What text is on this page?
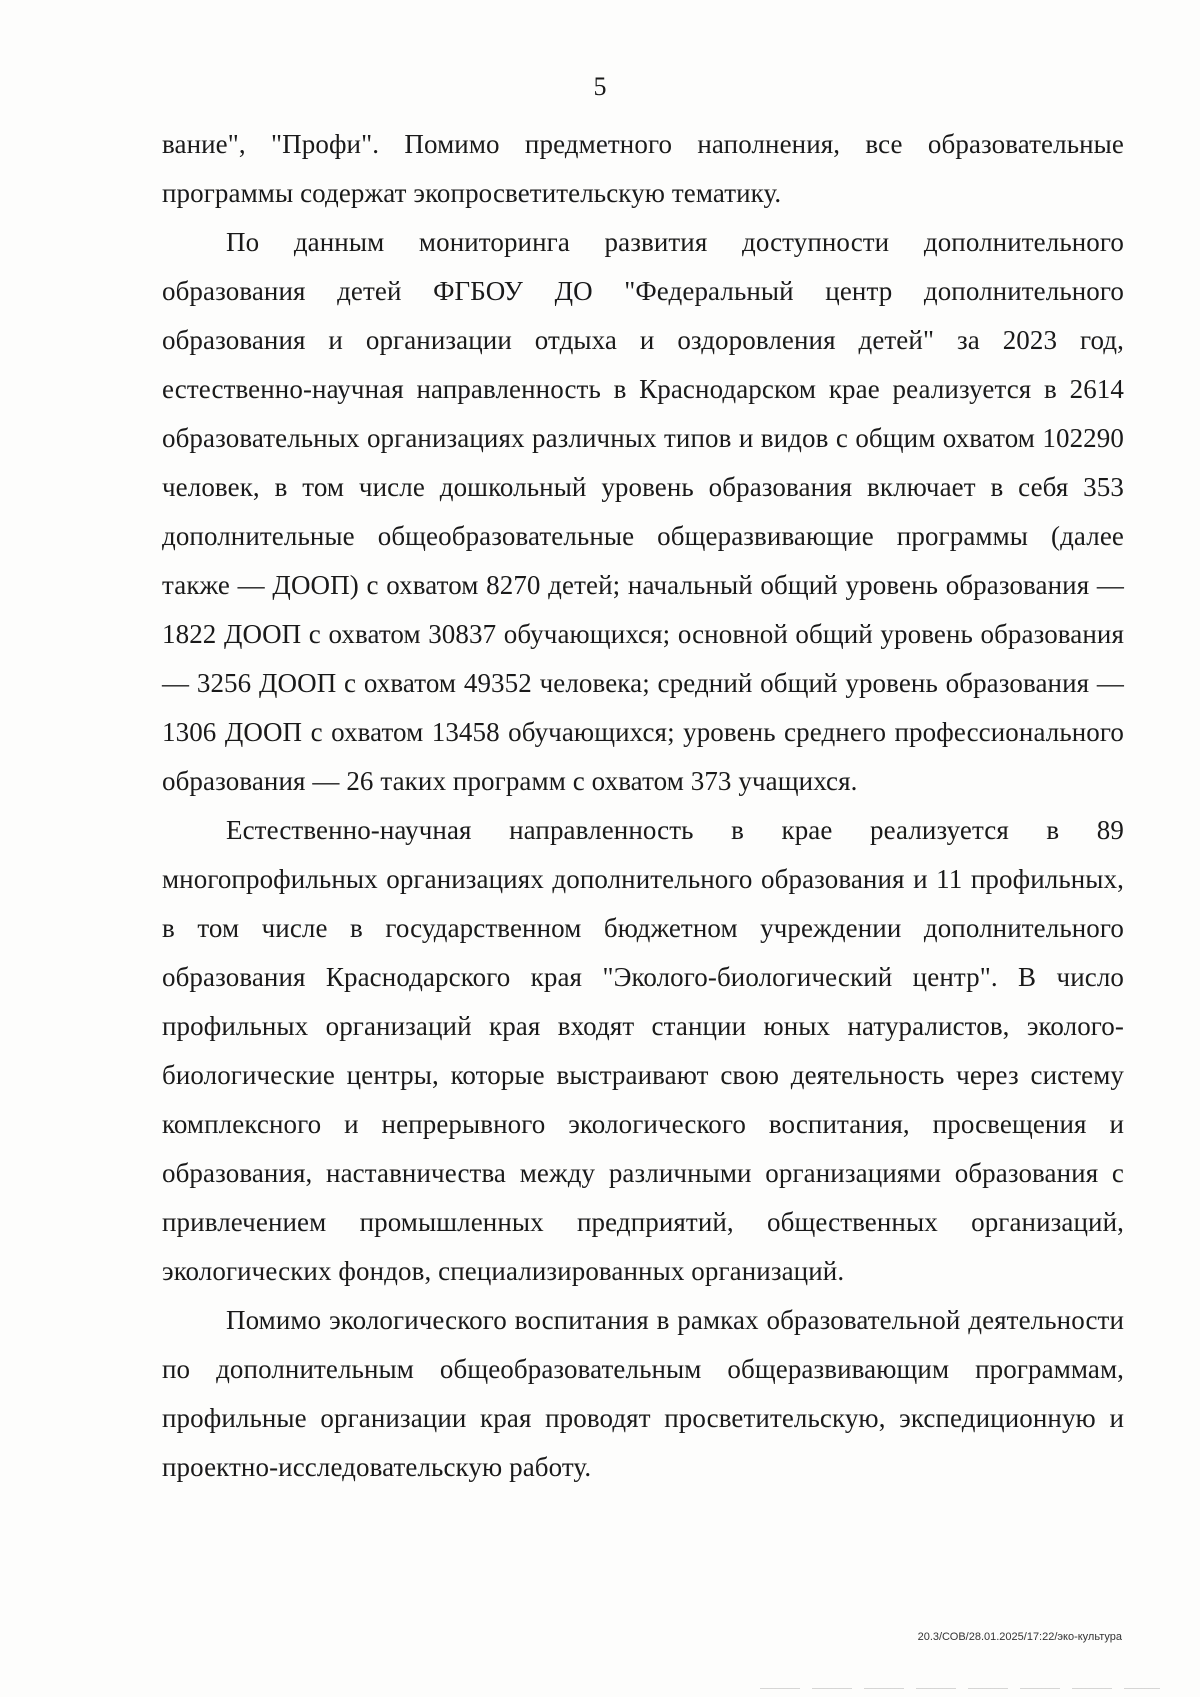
5

вание", "Профи". Помимо предметного наполнения, все образовательные программы содержат экопросветительскую тематику.

По данным мониторинга развития доступности дополнительного образования детей ФГБОУ ДО "Федеральный центр дополнительного образования и организации отдыха и оздоровления детей" за 2023 год, естественно-научная направленность в Краснодарском крае реализуется в 2614 образовательных организациях различных типов и видов с общим охватом 102290 человек, в том числе дошкольный уровень образования включает в себя 353 дополнительные общеобразовательные общеразвивающие программы (далее также — ДООП) с охватом 8270 детей; начальный общий уровень образования — 1822 ДООП с охватом 30837 обучающихся; основной общий уровень образования — 3256 ДООП с охватом 49352 человека; средний общий уровень образования — 1306 ДООП с охватом 13458 обучающихся; уровень среднего профессионального образования — 26 таких программ с охватом 373 учащихся.

Естественно-научная направленность в крае реализуется в 89 многопрофильных организациях дополнительного образования и 11 профильных, в том числе в государственном бюджетном учреждении дополнительного образования Краснодарского края "Эколого-биологический центр". В число профильных организаций края входят станции юных натуралистов, эколого-биологические центры, которые выстраивают свою деятельность через систему комплексного и непрерывного экологического воспитания, просвещения и образования, наставничества между различными организациями образования с привлечением промышленных предприятий, общественных организаций, экологических фондов, специализированных организаций.

Помимо экологического воспитания в рамках образовательной деятельности по дополнительным общеобразовательным общеразвивающим программам, профильные организации края проводят просветительскую, экспедиционную и проектно-исследовательскую работу.

20.3/СОВ/28.01.2025/17:22/эко-культура
